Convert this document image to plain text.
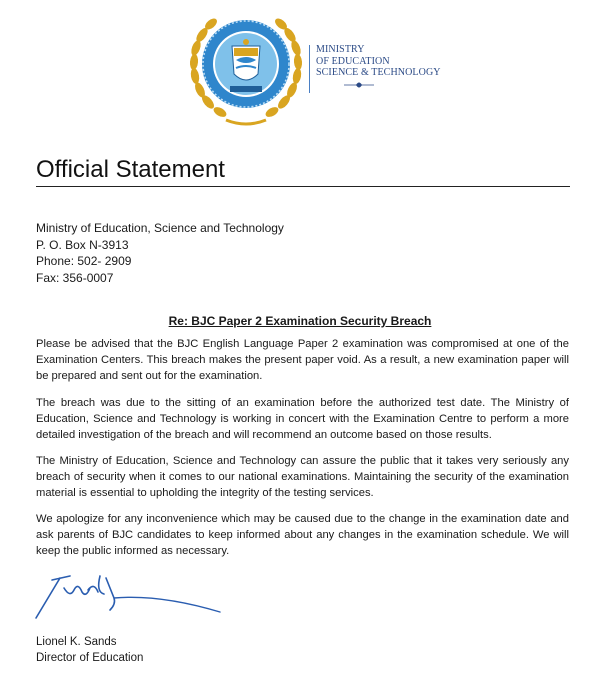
MINISTRY
OF EDUCATION
SCIENCE & TECHNOLOGY
Official Statement
Ministry of Education, Science and Technology
P. O. Box N-3913
Phone: 502- 2909
Fax: 356-0007
Re: BJC Paper 2 Examination Security Breach

Please be advised that the BJC English Language Paper 2 examination was compromised at one of the Examination Centers. This breach makes the present paper void. As a result, a new examination paper will be prepared and sent out for the examination.

The breach was due to the sitting of an examination before the authorized test date. The Ministry of Education, Science and Technology is working in concert with the Examination Centre to perform a more detailed investigation of the breach and will recommend an outcome based on those results.

The Ministry of Education, Science and Technology can assure the public that it takes very seriously any breach of security when it comes to our national examinations. Maintaining the security of the examination material is essential to upholding the integrity of the testing services.

We apologize for any inconvenience which may be caused due to the change in the examination date and ask parents of BJC candidates to keep informed about any changes in the examination schedule. We will keep the public informed as necessary.

Lionel K. Sands
Director of Education
